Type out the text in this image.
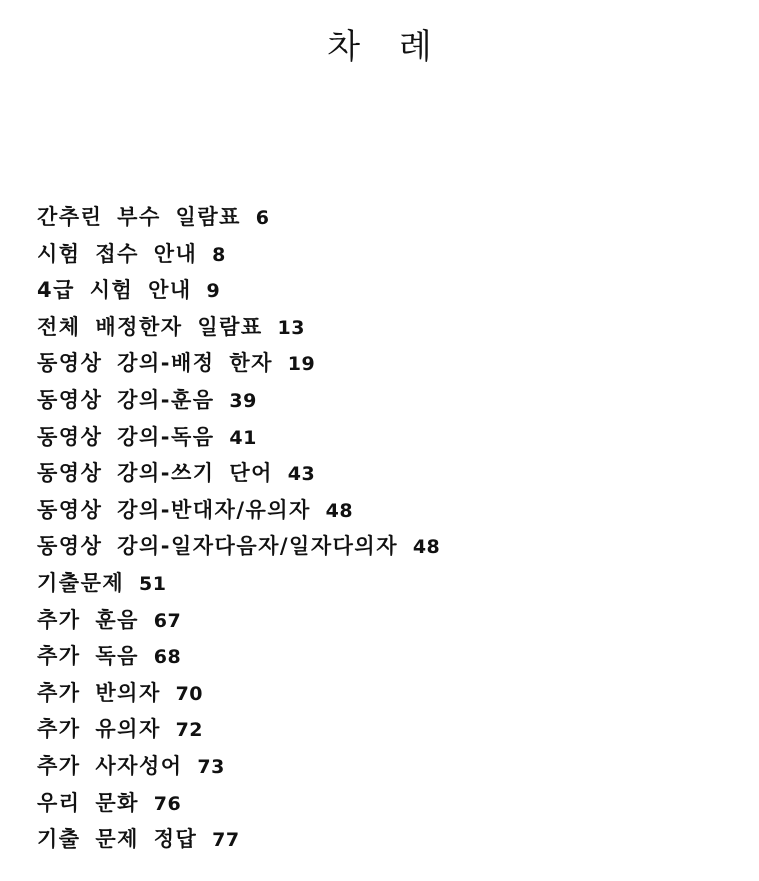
차 례
간추린 부수 일람표 6
시험 접수 안내 8
4급 시험 안내 9
전체 배정한자 일람표 13
동영상 강의-배정 한자 19
동영상 강의-훈음 39
동영상 강의-독음 41
동영상 강의-쓰기 단어 43
동영상 강의-반대자/유의자 48
동영상 강의-일자다음자/일자다의자 48
기출문제 51
추가 훈음 67
추가 독음 68
추가 반의자 70
추가 유의자 72
추가 사자성어 73
우리 문화 76
기출 문제 정답 77
